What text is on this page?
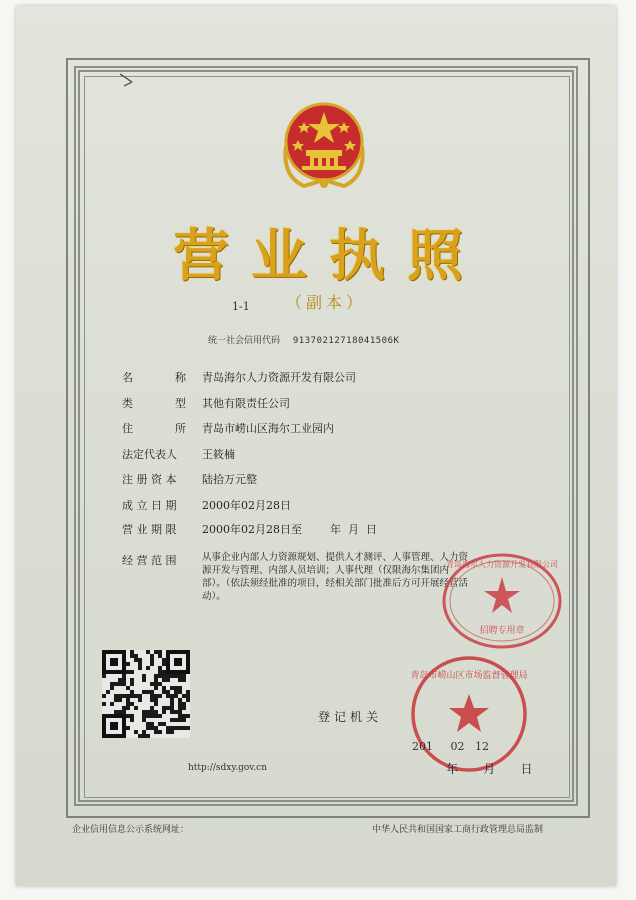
营业执照
1-1 （副本）
统一社会信用代码 91370212718041506K
名            称	青岛海尔人力资源开发有限公司
类            型	其他有限责任公司
住            所	青岛市崂山区海尔工业园内
法定代表人	王筱楠
注 册 资 本	陆拾万元整
成 立 日 期	2000年02月28日
营 业 期 限	2000年02月28日至        年  月  日
经 营 范 围	从事企业内部人力资源规划、提供人才测评、人事管理、人力资源开发与管理、内部人员培训；人事代理（仅限海尔集团内部）。（依法须经批准的项目，经相关部门批准后方可开展经营活动）。
招聘专用章
青岛海尔人力资源开发有限公司
登记机关
青岛市崂山区市场监督管理局
201     02   12
年    月    日
http://sdxy.gov.cn
企业信用信息公示系统网址：	中华人民共和国国家工商行政管理总局监制
